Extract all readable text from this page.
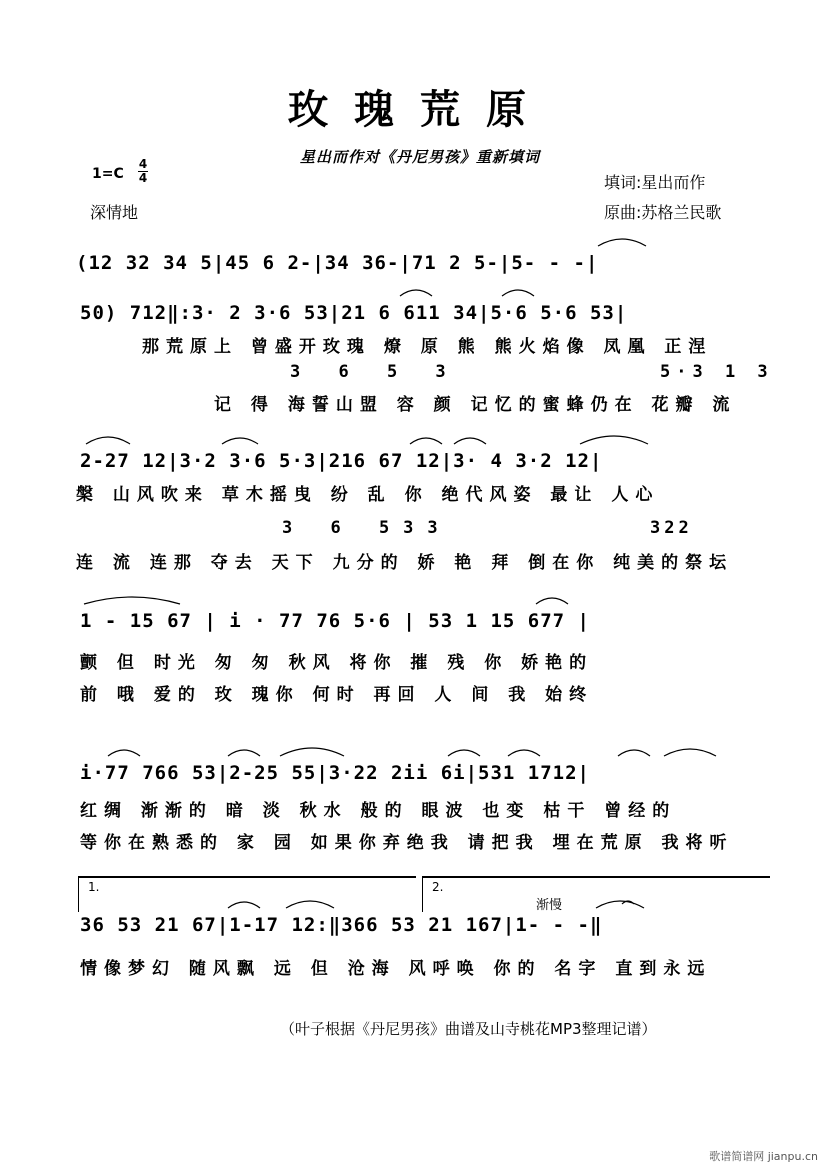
玫瑰荒原
星出而作对《丹尼男孩》重新填词
1=C
4
4
深情地
填词:星出而作
原曲:苏格兰民歌
(12 32 34 5|45 6 2-|34 36-|71 2 5-|5- - -|
50) 712‖:3· 2 3·6 53|21 6 611 34|5·6 5·6 53|
那荒原上 曾盛开玫瑰 燎 原 熊 熊火焰像 凤凰 正涅
3 6 5 3	5·3 1 3
记 得 海誓山盟 容 颜 记忆的蜜蜂仍在 花瓣 流
2-27 12|3·2 3·6 5·3|216 67 12|3· 4 3·2 12|
槃 山风吹来 草木摇曳 纷 乱 你 绝代风姿 最让 人心
3 6 533	322
连 流 连那 夺去 天下 九分的 娇 艳 拜 倒在你 纯美的祭坛
1 - 15 67 | i · 77 76 5·6 | 53 1 15 677 |
颤 但 时光 匆 匆 秋风 将你 摧 残 你 娇艳的
前 哦 爱的 玫 瑰你 何时 再回 人 间 我 始终
i·77 766 53|2-25 55|3·22 2ii 6i|531 1712|
红绸 渐渐的 暗 淡 秋水 般的 眼波 也变 枯干 曾经的
等你在熟悉的 家 园 如果你弃绝我 请把我 埋在荒原 我将听
1.	2.
渐慢
36 53 21 67|1-17 12:‖366 53 21 167|1- - -‖
情像梦幻 随风飘 远 但 沧海 风呼唤 你的 名字 直到永远
（叶子根据《丹尼男孩》曲谱及山寺桃花MP3整理记谱）
歌谱简谱网 jianpu.cn
